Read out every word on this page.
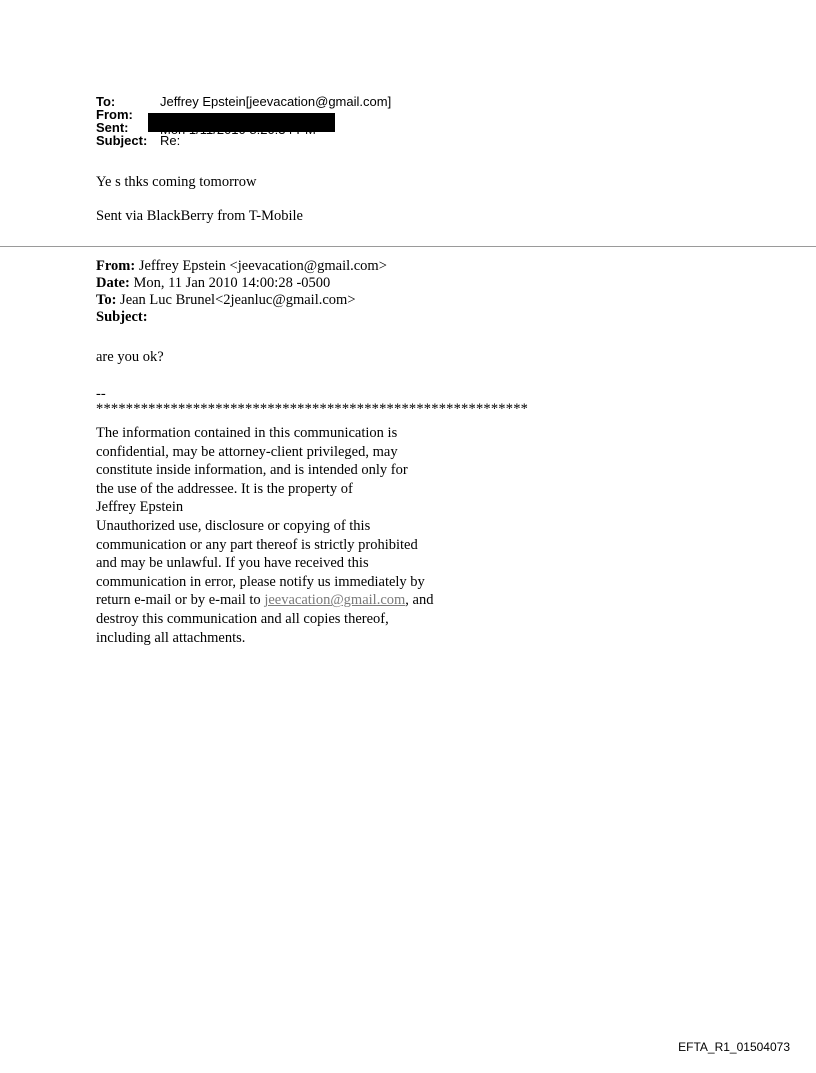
To:	Jeffrey Epstein[jeevacation@gmail.com]
From:
Sent:
Subject: Re:
Ye s thks coming tomorrow
Sent via BlackBerry from T-Mobile
From: Jeffrey Epstein <jeevacation@gmail.com>
Date: Mon, 11 Jan 2010 14:00:28 -0500
To: Jean Luc Brunel<2jeanluc@gmail.com>
Subject:
are you ok?
--
**********************************************************
The information contained in this communication is
confidential, may be attorney-client privileged, may
constitute inside information, and is intended only for
the use of the addressee. It is the property of
Jeffrey Epstein
Unauthorized use, disclosure or copying of this
communication or any part thereof is strictly prohibited
and may be unlawful. If you have received this
communication in error, please notify us immediately by
return e-mail or by e-mail to jeevacation@gmail.com, and
destroy this communication and all copies thereof,
including all attachments.
EFTA_R1_01504073
